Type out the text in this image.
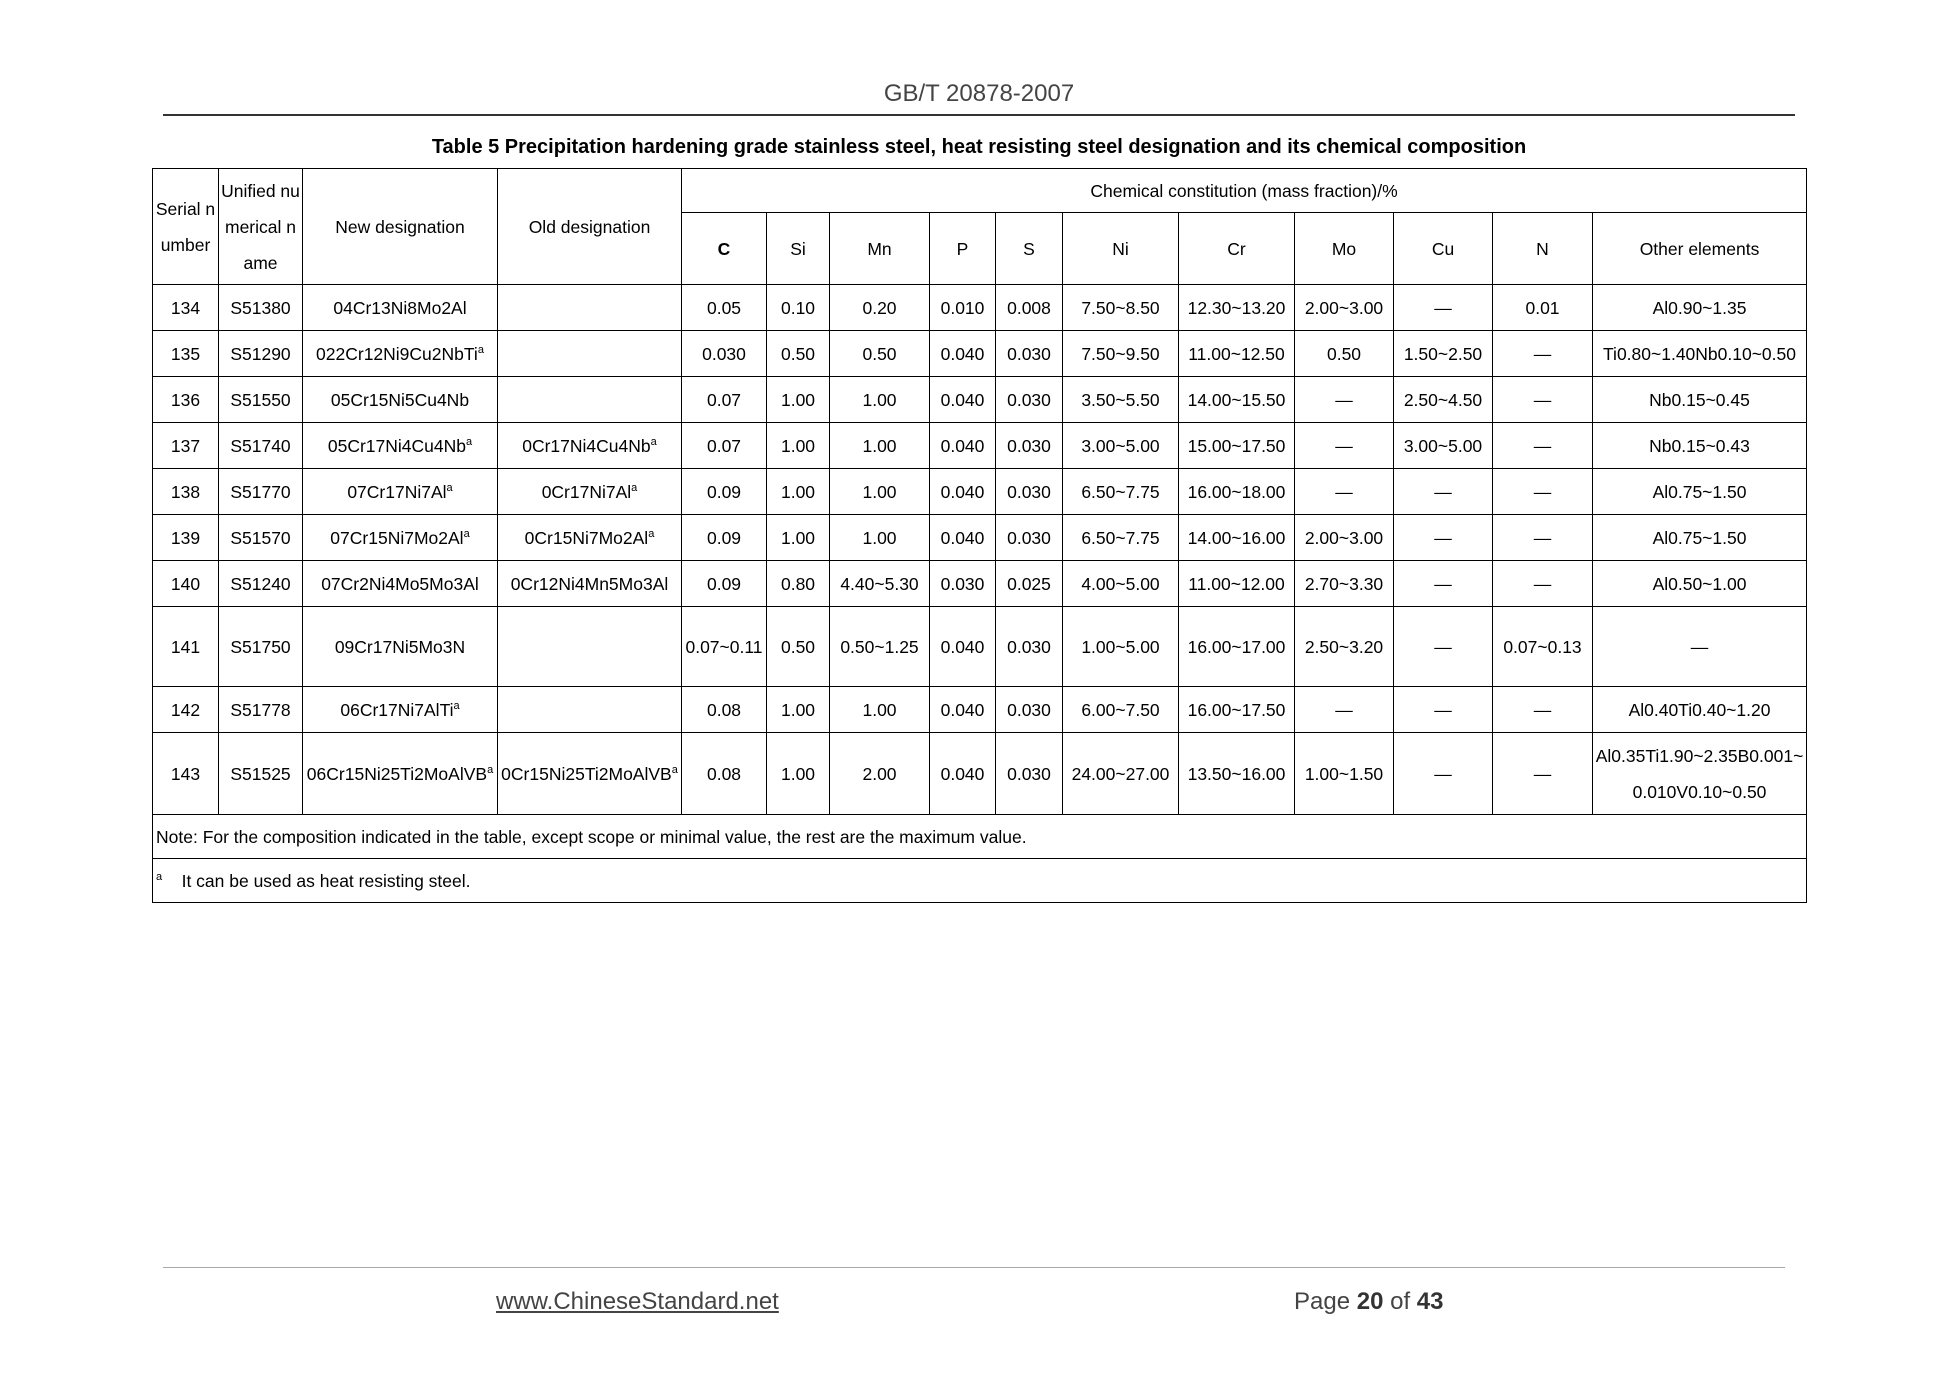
GB/T 20878-2007
Table 5 Precipitation hardening grade stainless steel, heat resisting steel designation and its chemical composition
Serial number	Unified numerical name	New designation	Old designation	Chemical constitution (mass fraction)/%										
				C	Si	Mn	P	S	Ni	Cr	Mo	Cu	N	Other elements
134	S51380	04Cr13Ni8Mo2Al		0.05	0.10	0.20	0.010	0.008	7.50~8.50	12.30~13.20	2.00~3.00	—	0.01	Al0.90~1.35
135	S51290	022Cr12Ni9Cu2NbTi$^a$		0.030	0.50	0.50	0.040	0.030	7.50~9.50	11.00~12.50	0.50	1.50~2.50	—	Ti0.80~1.40Nb0.10~0.50
136	S51550	05Cr15Ni5Cu4Nb		0.07	1.00	1.00	0.040	0.030	3.50~5.50	14.00~15.50	—	2.50~4.50	—	Nb0.15~0.45
137	S51740	05Cr17Ni4Cu4Nb$^a$	0Cr17Ni4Cu4Nb$^a$	0.07	1.00	1.00	0.040	0.030	3.00~5.00	15.00~17.50	—	3.00~5.00	—	Nb0.15~0.43
138	S51770	07Cr17Ni7Al$^a$	0Cr17Ni7Al$^a$	0.09	1.00	1.00	0.040	0.030	6.50~7.75	16.00~18.00	—	—	—	Al0.75~1.50
139	S51570	07Cr15Ni7Mo2Al$^a$	0Cr15Ni7Mo2Al$^a$	0.09	1.00	1.00	0.040	0.030	6.50~7.75	14.00~16.00	2.00~3.00	—	—	Al0.75~1.50
140	S51240	07Cr2Ni4Mo5Mo3Al	0Cr12Ni4Mn5Mo3Al	0.09	0.80	4.40~5.30	0.030	0.025	4.00~5.00	11.00~12.00	2.70~3.30	—	—	Al0.50~1.00
141	S51750	09Cr17Ni5Mo3N		0.07~0.11	0.50	0.50~1.25	0.040	0.030	1.00~5.00	16.00~17.00	2.50~3.20	—	0.07~0.13	—
142	S51778	06Cr17Ni7AlTi$^a$		0.08	1.00	1.00	0.040	0.030	6.00~7.50	16.00~17.50	—	—	—	Al0.40Ti0.40~1.20
143	S51525	06Cr15Ni25Ti2MoAlVB$^a$	0Cr15Ni25Ti2MoAlVB$^a$	0.08	1.00	2.00	0.040	0.030	24.00~27.00	13.50~16.00	1.00~1.50	—	—	Al0.35Ti1.90~2.35B0.001~0.010V0.10~0.50
Note: For the composition indicated in the table, except scope or minimal value, the rest are the maximum value.														
$^a$ It can be used as heat resisting steel.														
www.ChineseStandard.net	Page 20 of 43
